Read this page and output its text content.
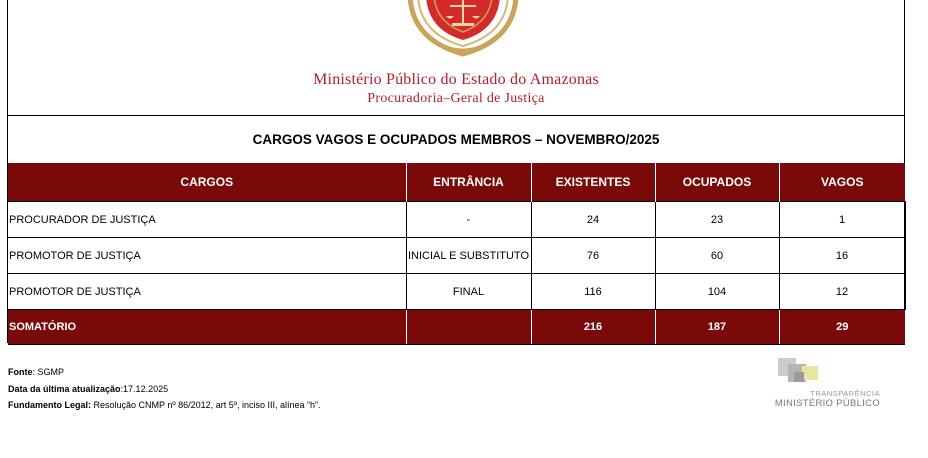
Ministério Público do Estado do Amazonas
Procuradoria–Geral de Justiça
CARGOS VAGOS E OCUPADOS MEMBROS – NOVEMBRO/2025
CARGOS	ENTRÂNCIA	EXISTENTES	OCUPADOS	VAGOS
PROCURADOR DE JUSTIÇA	-	24	23	1
PROMOTOR DE JUSTIÇA	INICIAL E SUBSTITUTO	76	60	16
PROMOTOR DE JUSTIÇA	FINAL	116	104	12
SOMATÓRIO		216	187	29
Fonte: SGMP
Data da última atualização:17.12.2025
Fundamento Legal: Resolução CNMP nº 86/2012, art 5º, inciso III, alínea “h”.
TRANSPARÊNCIA
MINISTÉRIO PÚBLICO
